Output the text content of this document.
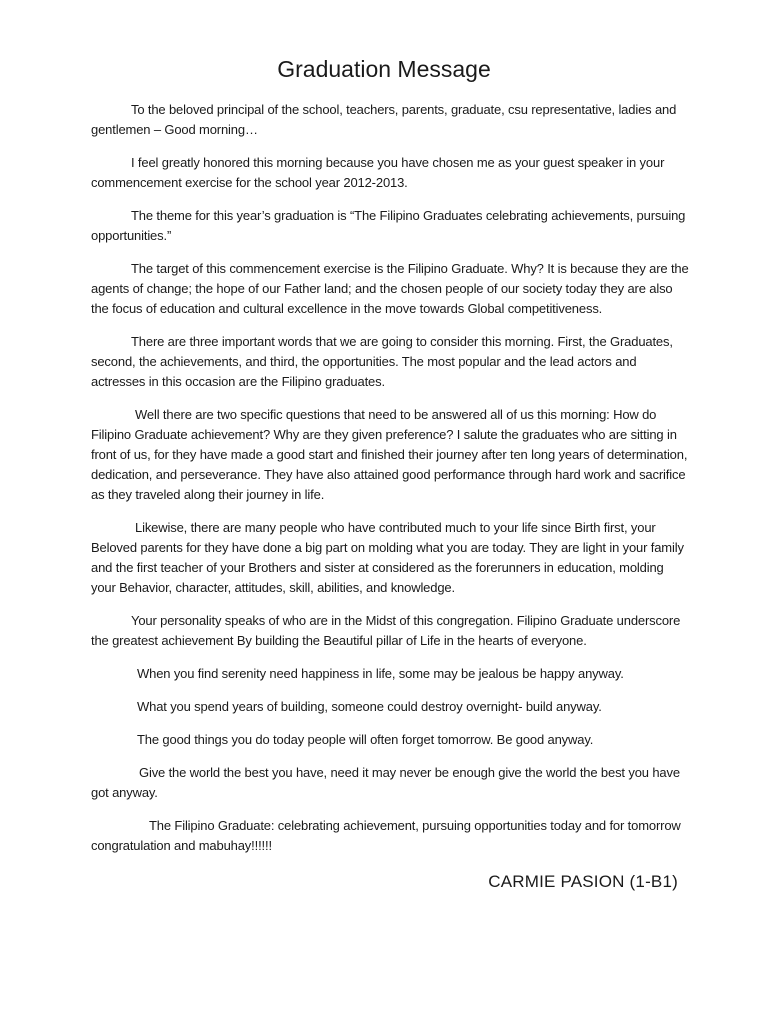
Graduation Message

To the beloved principal of the school, teachers, parents, graduate, csu representative, ladies and gentlemen – Good morning…

I feel greatly honored this morning because you have chosen me as your guest speaker in your commencement exercise for the school year 2012-2013.

The theme for this year’s graduation is “The Filipino Graduates celebrating achievements, pursuing opportunities.”

The target of this commencement exercise is the Filipino Graduate. Why? It is because they are the agents of change; the hope of our Father land; and the chosen people of our society today they are also the focus of education and cultural excellence in the move towards Global competitiveness.

There are three important words that we are going to consider this morning. First, the Graduates, second, the achievements, and third, the opportunities. The most popular and the lead actors and actresses in this occasion are the Filipino graduates.

Well there are two specific questions that need to be answered all of us this morning: How do Filipino Graduate achievement? Why are they given preference? I salute the graduates who are sitting in front of us, for they have made a good start and finished their journey after ten long years of determination, dedication, and perseverance. They have also attained good performance through hard work and sacrifice as they traveled along their journey in life.

Likewise, there are many people who have contributed much to your life since Birth first, your Beloved parents for they have done a big part on molding what you are today. They are light in your family and the first teacher of your Brothers and sister at considered as the forerunners in education, molding your Behavior, character, attitudes, skill, abilities, and knowledge.

Your personality speaks of who are in the Midst of this congregation. Filipino Graduate underscore the greatest achievement By building the Beautiful pillar of Life in the hearts of everyone.

When you find serenity need happiness in life, some may be jealous be happy anyway.

What you spend years of building, someone could destroy overnight- build anyway.

The good things you do today people will often forget tomorrow. Be good anyway.

Give the world the best you have, need it may never be enough give the world the best you have got anyway.

The Filipino Graduate: celebrating achievement, pursuing opportunities today and for tomorrow congratulation and mabuhay!!!!!!

CARMIE PASION (1-B1)
